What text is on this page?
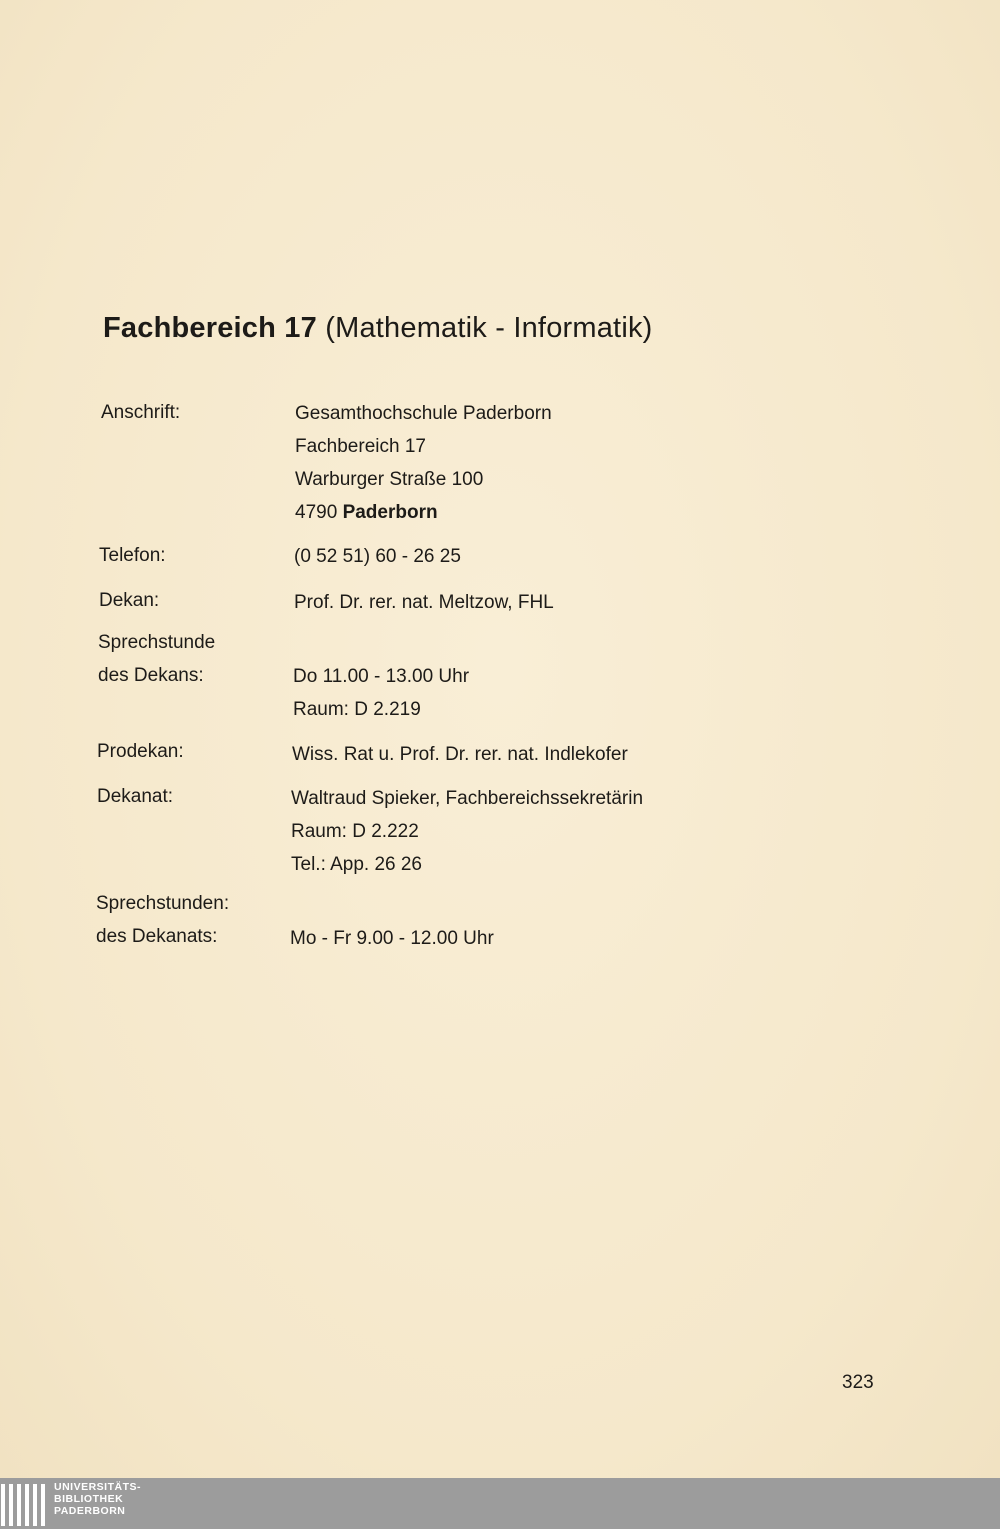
Fachbereich 17 (Mathematik - Informatik)
Anschrift:	Gesamthochschule Paderborn
Fachbereich 17
Warburger Straße 100
4790 Paderborn
Telefon:	(0 52 51) 60 - 26 25
Dekan:	Prof. Dr. rer. nat. Meltzow, FHL
Sprechstunde
des Dekans:	Do 11.00 - 13.00 Uhr
Raum: D 2.219
Prodekan:	Wiss. Rat u. Prof. Dr. rer. nat. Indlekofer
Dekanat:	Waltraud Spieker, Fachbereichssekretärin
Raum: D 2.222
Tel.: App. 26 26
Sprechstunden:
des Dekanats:	Mo - Fr 9.00 - 12.00 Uhr
323
UNIVERSITÄTS-
BIBLIOTHEK
PADERBORN
